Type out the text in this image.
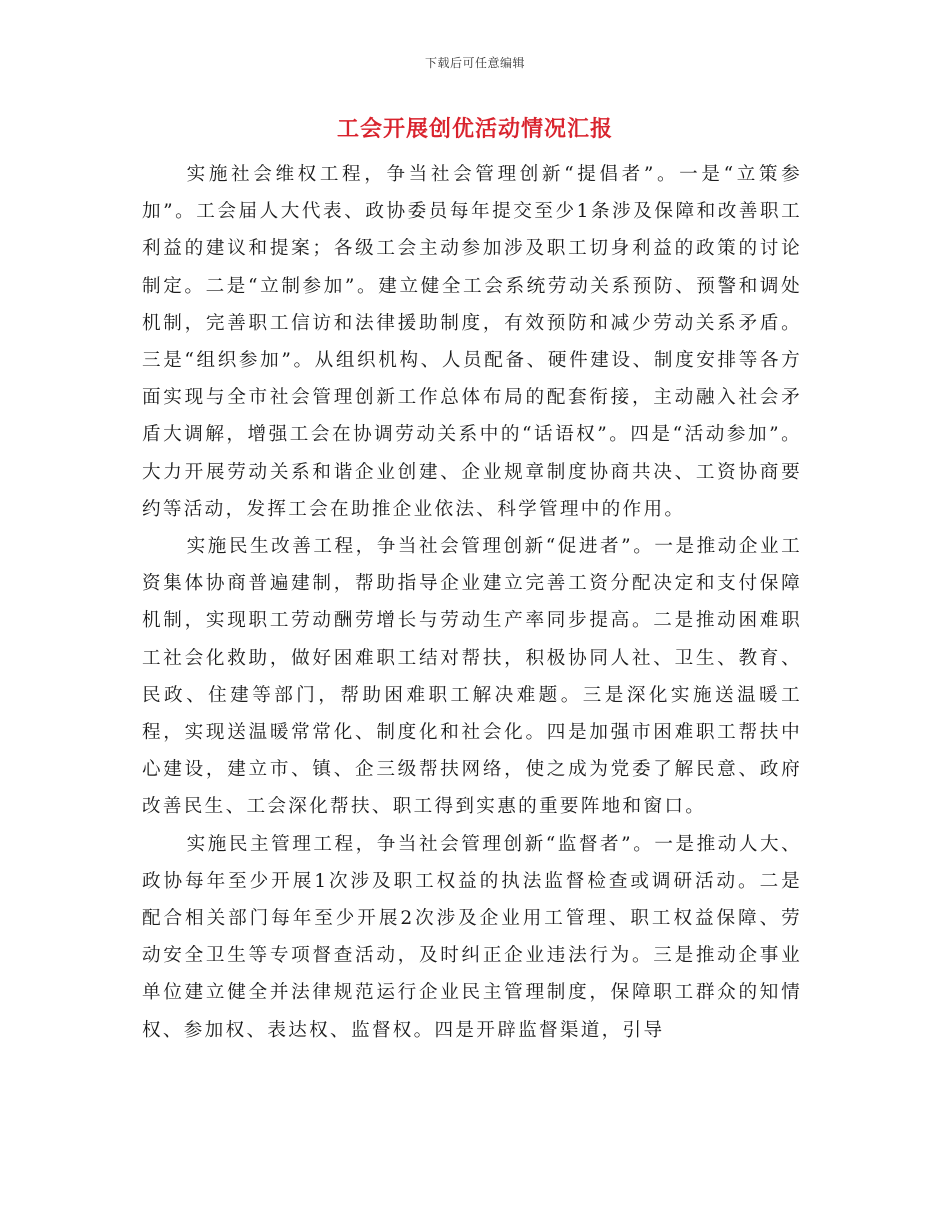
下载后可任意编辑
工会开展创优活动情况汇报

实施社会维权工程，争当社会管理创新“提倡者”。一是“立策参加”。工会届人大代表、政协委员每年提交至少1条涉及保障和改善职工利益的建议和提案；各级工会主动参加涉及职工切身利益的政策的讨论制定。二是“立制参加”。建立健全工会系统劳动关系预防、预警和调处机制，完善职工信访和法律援助制度，有效预防和减少劳动关系矛盾。三是“组织参加”。从组织机构、人员配备、硬件建设、制度安排等各方面实现与全市社会管理创新工作总体布局的配套衔接，主动融入社会矛盾大调解，增强工会在协调劳动关系中的“话语权”。四是“活动参加”。大力开展劳动关系和谐企业创建、企业规章制度协商共决、工资协商要约等活动，发挥工会在助推企业依法、科学管理中的作用。

实施民生改善工程，争当社会管理创新“促进者”。一是推动企业工资集体协商普遍建制，帮助指导企业建立完善工资分配决定和支付保障机制，实现职工劳动酬劳增长与劳动生产率同步提高。二是推动困难职工社会化救助，做好困难职工结对帮扶，积极协同人社、卫生、教育、民政、住建等部门，帮助困难职工解决难题。三是深化实施送温暖工程，实现送温暖常常化、制度化和社会化。四是加强市困难职工帮扶中心建设，建立市、镇、企三级帮扶网络，使之成为党委了解民意、政府改善民生、工会深化帮扶、职工得到实惠的重要阵地和窗口。

实施民主管理工程，争当社会管理创新“监督者”。一是推动人大、政协每年至少开展1次涉及职工权益的执法监督检查或调研活动。二是配合相关部门每年至少开展2次涉及企业用工管理、职工权益保障、劳动安全卫生等专项督查活动，及时纠正企业违法行为。三是推动企事业单位建立健全并法律规范运行企业民主管理制度，保障职工群众的知情权、参加权、表达权、监督权。四是开辟监督渠道，引导
